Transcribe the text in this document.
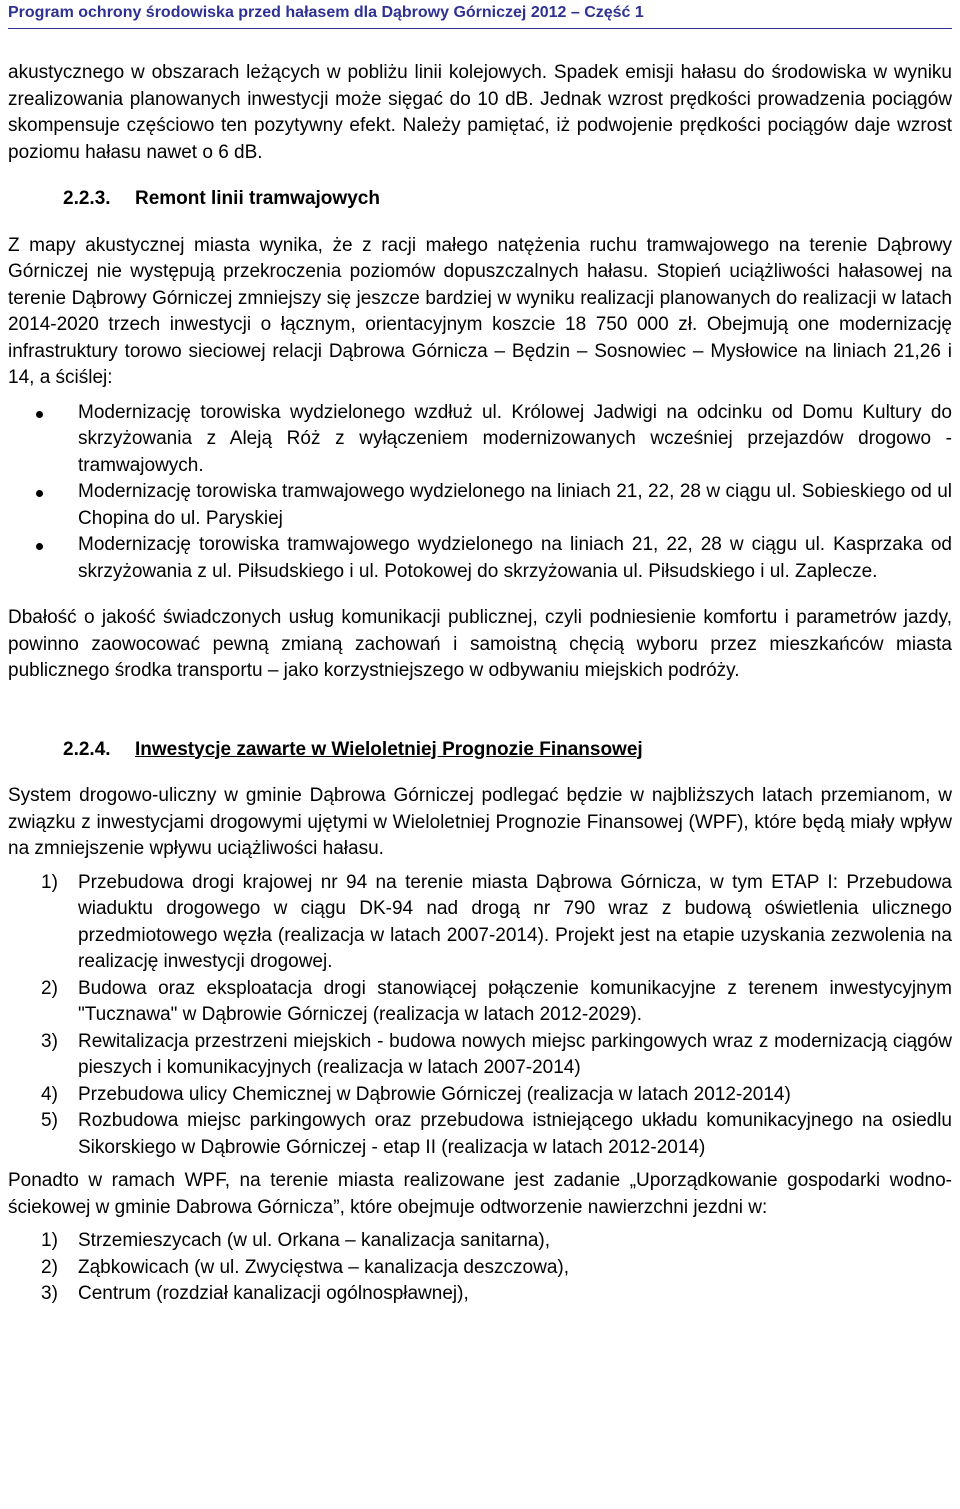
Program ochrony środowiska przed hałasem dla Dąbrowy Górniczej 2012 – Część 1

akustycznego w obszarach leżących w pobliżu linii kolejowych. Spadek emisji hałasu do środowiska w wyniku zrealizowania planowanych inwestycji może sięgać do 10 dB. Jednak wzrost prędkości prowadzenia pociągów skompensuje częściowo ten pozytywny efekt. Należy pamiętać, iż podwojenie prędkości pociągów daje wzrost poziomu hałasu nawet o 6 dB.

2.2.3. Remont linii tramwajowych

Z mapy akustycznej miasta wynika, że z racji małego natężenia ruchu tramwajowego na terenie Dąbrowy Górniczej nie występują przekroczenia poziomów dopuszczalnych hałasu. Stopień uciążliwości hałasowej na terenie Dąbrowy Górniczej zmniejszy się jeszcze bardziej w wyniku realizacji planowanych do realizacji w latach 2014-2020 trzech inwestycji o łącznym, orientacyjnym koszcie 18 750 000 zł. Obejmują one modernizację infrastruktury torowo sieciowej relacji Dąbrowa Górnicza – Będzin – Sosnowiec – Mysłowice na liniach 21,26 i 14, a ściślej:

Modernizację torowiska wydzielonego wzdłuż ul. Królowej Jadwigi na odcinku od Domu Kultury do skrzyżowania z Aleją Róż z wyłączeniem modernizowanych wcześniej przejazdów drogowo - tramwajowych.
Modernizację torowiska tramwajowego wydzielonego na liniach 21, 22, 28 w ciągu ul. Sobieskiego od ul Chopina do ul. Paryskiej
Modernizację torowiska tramwajowego wydzielonego na liniach 21, 22, 28 w ciągu ul. Kasprzaka od skrzyżowania z ul. Piłsudskiego i ul. Potokowej do skrzyżowania ul. Piłsudskiego i ul. Zaplecze.

Dbałość o jakość świadczonych usług komunikacji publicznej, czyli podniesienie komfortu i parametrów jazdy, powinno zaowocować pewną zmianą zachowań i samoistną chęcią wyboru przez mieszkańców miasta publicznego środka transportu – jako korzystniejszego w odbywaniu miejskich podróży.

2.2.4. Inwestycje zawarte w Wieloletniej Prognozie Finansowej

System drogowo-uliczny w gminie Dąbrowa Górniczej podlegać będzie w najbliższych latach przemianom, w związku z inwestycjami drogowymi ujętymi w Wieloletniej Prognozie Finansowej (WPF), które będą miały wpływ na zmniejszenie wpływu uciążliwości hałasu.

1) Przebudowa drogi krajowej nr 94 na terenie miasta Dąbrowa Górnicza, w tym ETAP I: Przebudowa wiaduktu drogowego w ciągu DK-94 nad drogą nr 790 wraz z budową oświetlenia ulicznego przedmiotowego węzła (realizacja w latach 2007-2014). Projekt jest na etapie uzyskania zezwolenia na realizację inwestycji drogowej.
2) Budowa oraz eksploatacja drogi stanowiącej połączenie komunikacyjne z terenem inwestycyjnym "Tucznawa" w Dąbrowie Górniczej (realizacja w latach 2012-2029).
3) Rewitalizacja przestrzeni miejskich - budowa nowych miejsc parkingowych wraz z modernizacją ciągów pieszych i komunikacyjnych (realizacja w latach 2007-2014)
4) Przebudowa ulicy Chemicznej w Dąbrowie Górniczej (realizacja w latach 2012-2014)
5) Rozbudowa miejsc parkingowych oraz przebudowa istniejącego układu komunikacyjnego na osiedlu Sikorskiego w Dąbrowie Górniczej - etap II (realizacja w latach 2012-2014)

Ponadto w ramach WPF, na terenie miasta realizowane jest zadanie „Uporządkowanie gospodarki wodno-ściekowej w gminie Dabrowa Górnicza”, które obejmuje odtworzenie nawierzchni jezdni w:

1) Strzemieszycach (w ul. Orkana – kanalizacja sanitarna),
2) Ząbkowicach (w ul. Zwycięstwa – kanalizacja deszczowa),
3) Centrum (rozdział kanalizacji ogólnospławnej),
